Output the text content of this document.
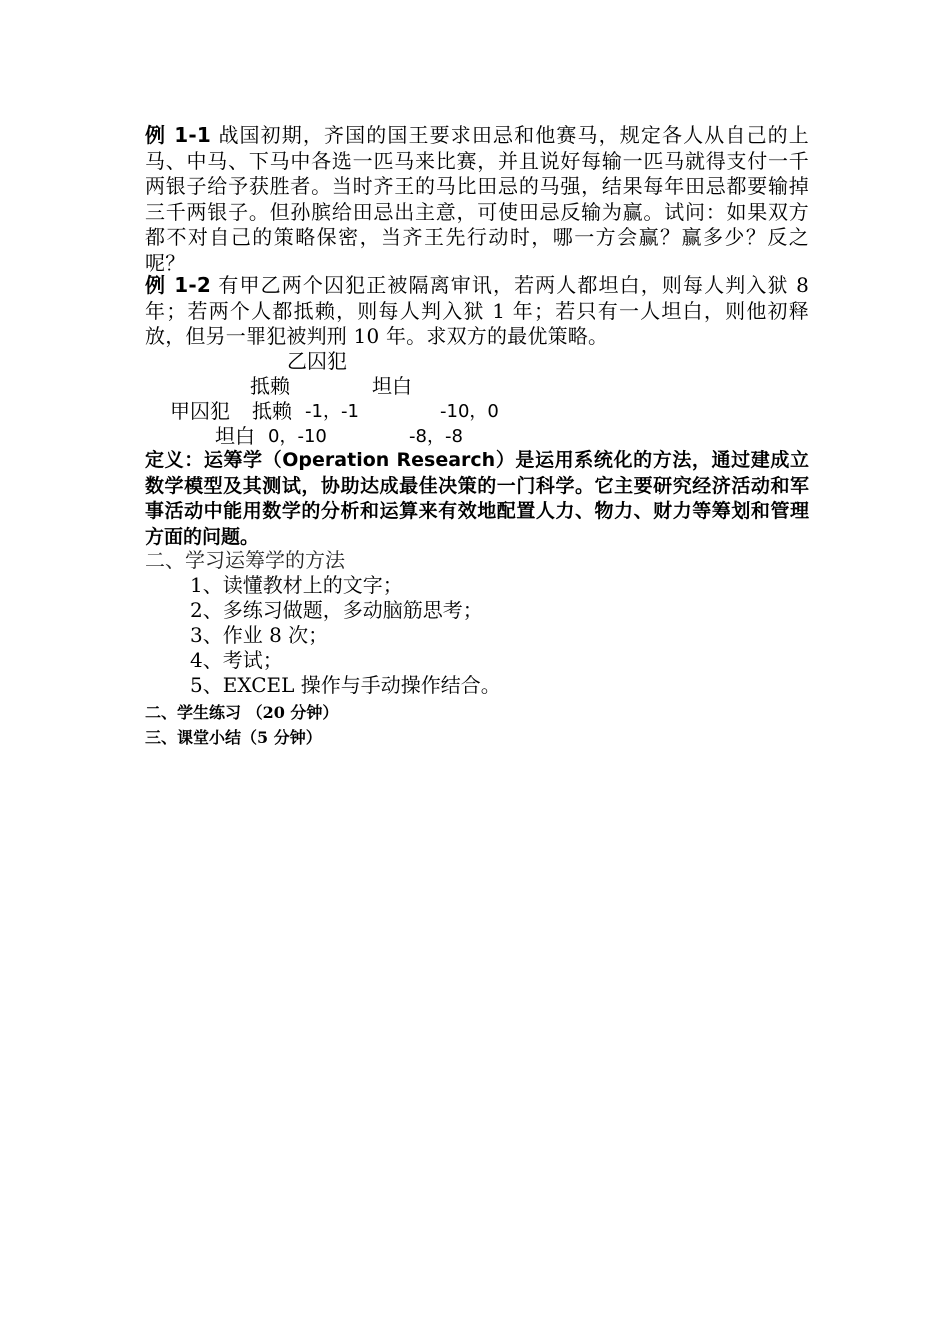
例 1-1 战国初期，齐国的国王要求田忌和他赛马，规定各人从自己的上马、中马、下马中各选一匹马来比赛，并且说好每输一匹马就得支付一千两银子给予获胜者。当时齐王的马比田忌的马强，结果每年田忌都要输掉三千两银子。但孙膑给田忌出主意，可使田忌反输为赢。试问：如果双方都不对自己的策略保密，当齐王先行动时，哪一方会赢？赢多少？反之呢？
例 1-2 有甲乙两个囚犯正被隔离审讯，若两人都坦白，则每人判入狱 8 年；若两个人都抵赖，则每人判入狱 1 年；若只有一人坦白，则他初释放，但另一罪犯被判刑 10 年。求双方的最优策略。
乙囚犯
抵赖	坦白
甲囚犯 抵赖 -1，-1	-10，0
坦白 0，-10	-8，-8
定义：运筹学（Operation Research）是运用系统化的方法，通过建成立数学模型及其测试，协助达成最佳决策的一门科学。它主要研究经济活动和军事活动中能用数学的分析和运算来有效地配置人力、物力、财力等筹划和管理方面的问题。
二、学习运筹学的方法
1、读懂教材上的文字；
2、多练习做题，多动脑筋思考；
3、作业 8 次；
4、考试；
5、EXCEL 操作与手动操作结合。
二、学生练习 （20 分钟）
三、课堂小结（5 分钟）
